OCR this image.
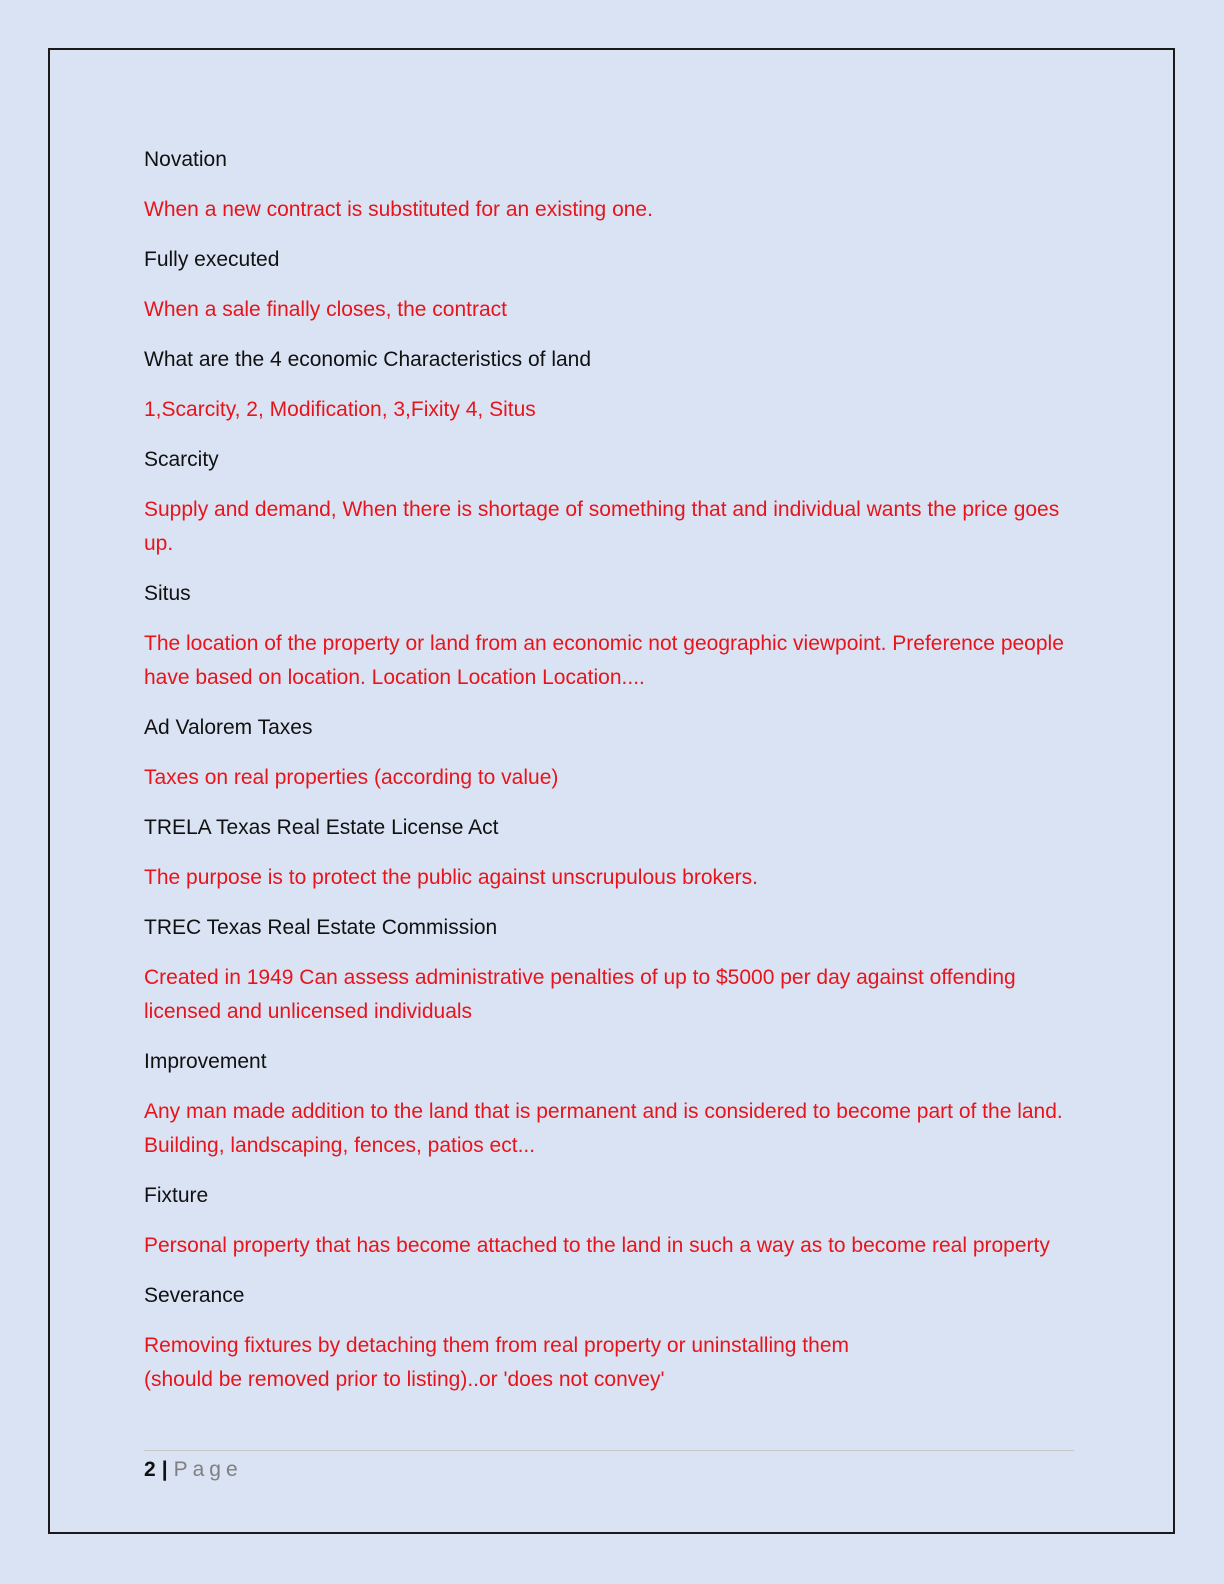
Novation

When a new contract is substituted for an existing one.

Fully executed

When a sale finally closes, the contract

What are the 4 economic Characteristics of land

1,Scarcity, 2, Modification, 3,Fixity 4, Situs

Scarcity

Supply and demand, When there is shortage of something that and individual wants the price goes up.

Situs

The location of the property or land from an economic not geographic viewpoint. Preference people have based on location. Location Location Location....

Ad Valorem Taxes

Taxes on real properties (according to value)

TRELA Texas Real Estate License Act

The purpose is to protect the public against unscrupulous brokers.

TREC Texas Real Estate Commission

Created in 1949 Can assess administrative penalties of up to $5000 per day against offending licensed and unlicensed individuals

Improvement

Any man made addition to the land that is permanent and is considered to become part of the land. Building, landscaping, fences, patios ect...

Fixture

Personal property that has become attached to the land in such a way as to become real property

Severance

Removing fixtures by detaching them from real property or uninstalling them
(should be removed prior to listing)..or 'does not convey'

2 | Page
